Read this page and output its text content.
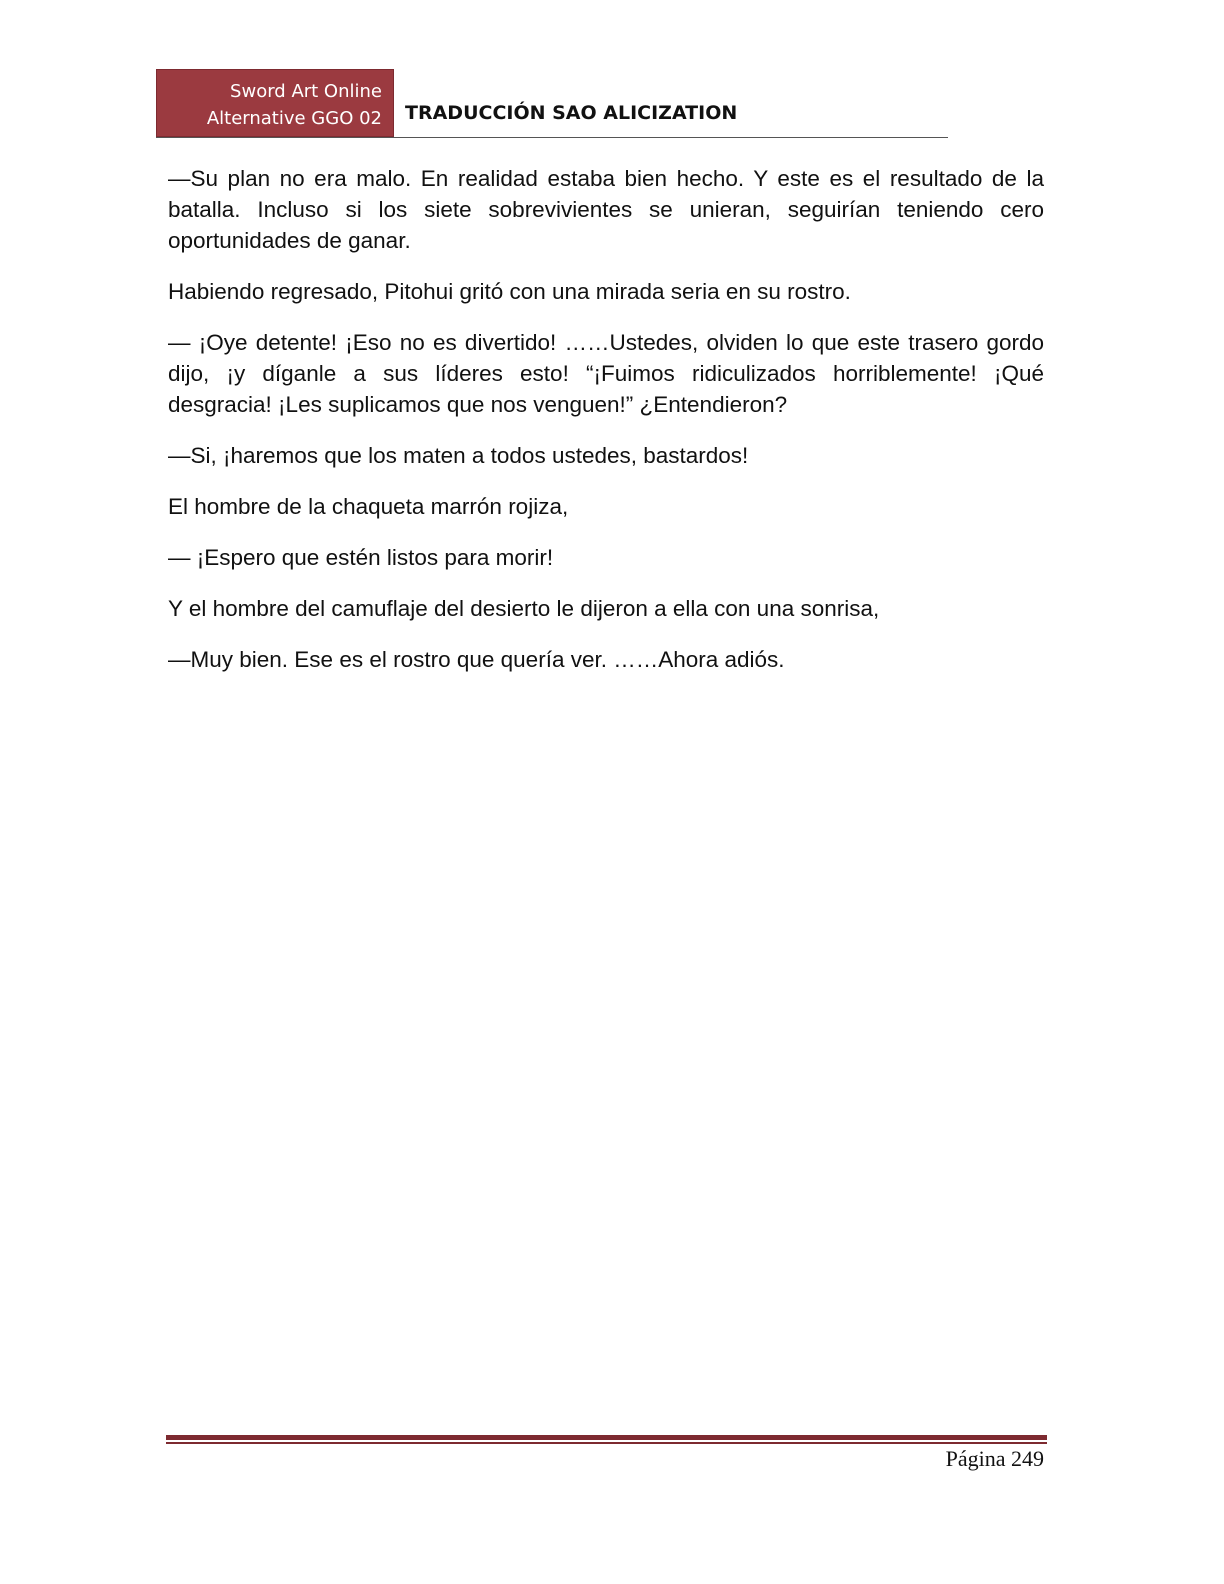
Sword Art Online
Alternative GGO 02 TRADUCCIÓN SAO ALICIZATION

—Su plan no era malo. En realidad estaba bien hecho. Y este es el resultado de la batalla. Incluso si los siete sobrevivientes se unieran, seguirían teniendo cero oportunidades de ganar.

Habiendo regresado, Pitohui gritó con una mirada seria en su rostro.

— ¡Oye detente! ¡Eso no es divertido! ……Ustedes, olviden lo que este trasero gordo dijo, ¡y díganle a sus líderes esto! “¡Fuimos ridiculizados horriblemente! ¡Qué desgracia! ¡Les suplicamos que nos venguen!” ¿Entendieron?

—Si, ¡haremos que los maten a todos ustedes, bastardos!

El hombre de la chaqueta marrón rojiza,

— ¡Espero que estén listos para morir!

Y el hombre del camuflaje del desierto le dijeron a ella con una sonrisa,

—Muy bien. Ese es el rostro que quería ver. ……Ahora adiós.

Página 249
